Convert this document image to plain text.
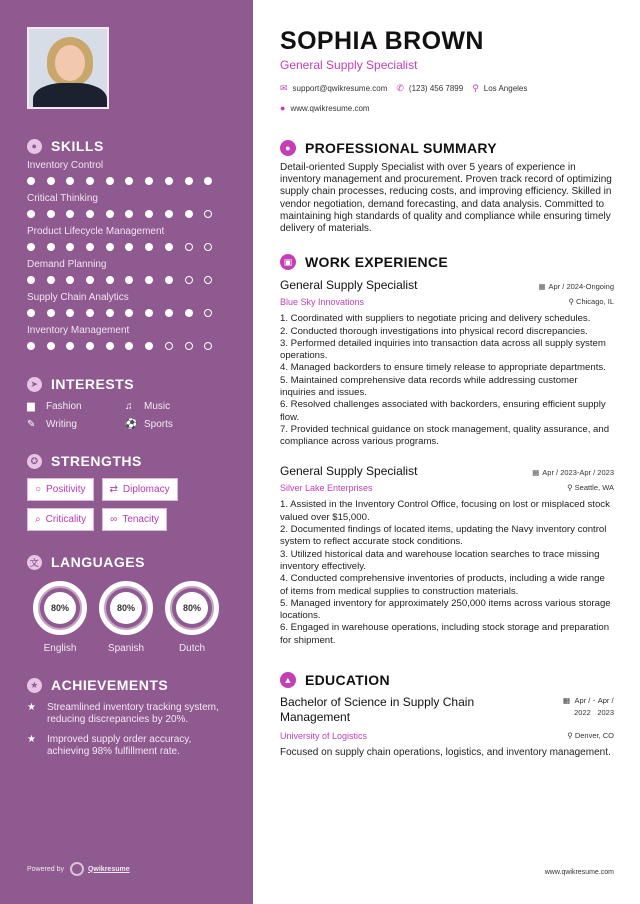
● SKILLS
Inventory Control
Critical Thinking
Product Lifecycle Management
Demand Planning
Supply Chain Analytics
Inventory Management
➤ INTERESTS
▆	Fashion	♫	Music
✎	Writing	⚽ Sports
✪ STRENGTHS
○ Positivity ⇄ Diplomacy
⌕ Criticality ∞ Tenacity
文 LANGUAGES
80%
English
80%
Spanish
80%
Dutch
★ ACHIEVEMENTS
★	Streamlined inventory tracking system, reducing discrepancies by 20%.
★	Improved supply order accuracy, achieving 98% fulfillment rate.
Powered by	Qwikresume
SOPHIA BROWN
General Supply Specialist
✉ support@qwikresume.com ✆ (123) 456 7899 ⚲ Los Angeles
● www.qwikresume.com
●	PROFESSIONAL SUMMARY
Detail-oriented Supply Specialist with over 5 years of experience in inventory management and procurement. Proven track record of optimizing supply chain processes, reducing costs, and improving efficiency. Skilled in vendor negotiation, demand forecasting, and data analysis. Committed to maintaining high standards of quality and compliance while ensuring timely delivery of materials.
▣ WORK EXPERIENCE
General Supply Specialist	▦ Apr / 2024-Ongoing
Blue Sky Innovations	⚲ Chicago, IL
1. Coordinated with suppliers to negotiate pricing and delivery schedules.
2. Conducted thorough investigations into physical record discrepancies.
3. Performed detailed inquiries into transaction data across all supply system operations.
4. Managed backorders to ensure timely release to appropriate departments.
5. Maintained comprehensive data records while addressing customer inquiries and issues.
6. Resolved challenges associated with backorders, ensuring efficient supply flow.
7. Provided technical guidance on stock management, quality assurance, and compliance across various programs.
General Supply Specialist	▦ Apr / 2023-Apr / 2023
Silver Lake Enterprises	⚲ Seattle, WA
1. Assisted in the Inventory Control Office, focusing on lost or misplaced stock valued over $15,000.
2. Documented findings of located items, updating the Navy inventory control system to reflect accurate stock conditions.
3. Utilized historical data and warehouse location searches to trace missing inventory effectively.
4. Conducted comprehensive inventories of products, including a wide range of items from medical supplies to construction materials.
5. Managed inventory for approximately 250,000 items across various storage locations.
6. Engaged in warehouse operations, including stock storage and preparation for shipment.
▲ EDUCATION
Bachelor of Science in Supply Chain Management
▦ Apr /
2022
- Apr /
2023
University of Logistics	⚲ Denver, CO
Focused on supply chain operations, logistics, and inventory management.
www.qwikresume.com
